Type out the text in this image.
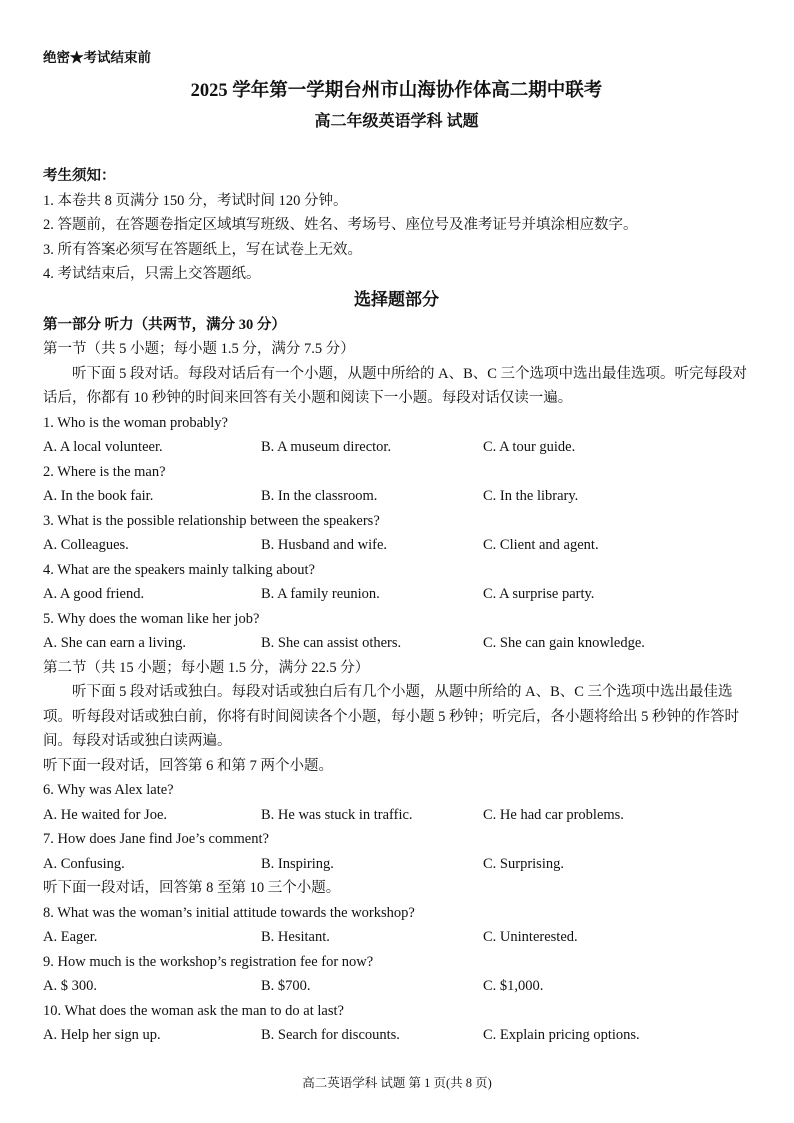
绝密★考试结束前
2025 学年第一学期台州市山海协作体高二期中联考
高二年级英语学科 试题
考生须知：
1. 本卷共 8 页满分 150 分，考试时间 120 分钟。
2. 答题前，在答题卷指定区域填写班级、姓名、考场号、座位号及准考证号并填涂相应数字。
3. 所有答案必须写在答题纸上，写在试卷上无效。
4. 考试结束后，只需上交答题纸。
选择题部分
第一部分 听力（共两节，满分 30 分）
第一节（共 5 小题；每小题 1.5 分，满分 7.5 分）
听下面 5 段对话。每段对话后有一个小题，从题中所给的 A、B、C 三个选项中选出最佳选项。听完每段对话后，你都有 10 秒钟的时间来回答有关小题和阅读下一小题。每段对话仅读一遍。
1. Who is the woman probably?
A. A local volunteer.	B. A museum director.	C. A tour guide.
2. Where is the man?
A. In the book fair.	B. In the classroom.	C. In the library.
3. What is the possible relationship between the speakers?
A. Colleagues.	B. Husband and wife.	C. Client and agent.
4. What are the speakers mainly talking about?
A. A good friend.	B. A family reunion.	C. A surprise party.
5. Why does the woman like her job?
A. She can earn a living.	B. She can assist others.	C. She can gain knowledge.
第二节（共 15 小题；每小题 1.5 分，满分 22.5 分）
听下面 5 段对话或独白。每段对话或独白后有几个小题，从题中所给的 A、B、C 三个选项中选出最佳选项。听每段对话或独白前，你将有时间阅读各个小题，每小题 5 秒钟；听完后，各小题将给出 5 秒钟的作答时间。每段对话或独白读两遍。
听下面一段对话，回答第 6 和第 7 两个小题。
6. Why was Alex late?
A. He waited for Joe.	B. He was stuck in traffic.	C. He had car problems.
7. How does Jane find Joe’s comment?
A. Confusing.	B. Inspiring.	C. Surprising.
听下面一段对话，回答第 8 至第 10 三个小题。
8. What was the woman’s initial attitude towards the workshop?
A. Eager.	B. Hesitant.	C. Uninterested.
9. How much is the workshop’s registration fee for now?
A. $ 300.	B. $700.	C. $1,000.
10. What does the woman ask the man to do at last?
A. Help her sign up.	B. Search for discounts.	C. Explain pricing options.
高二英语学科 试题 第 1 页(共 8 页)
